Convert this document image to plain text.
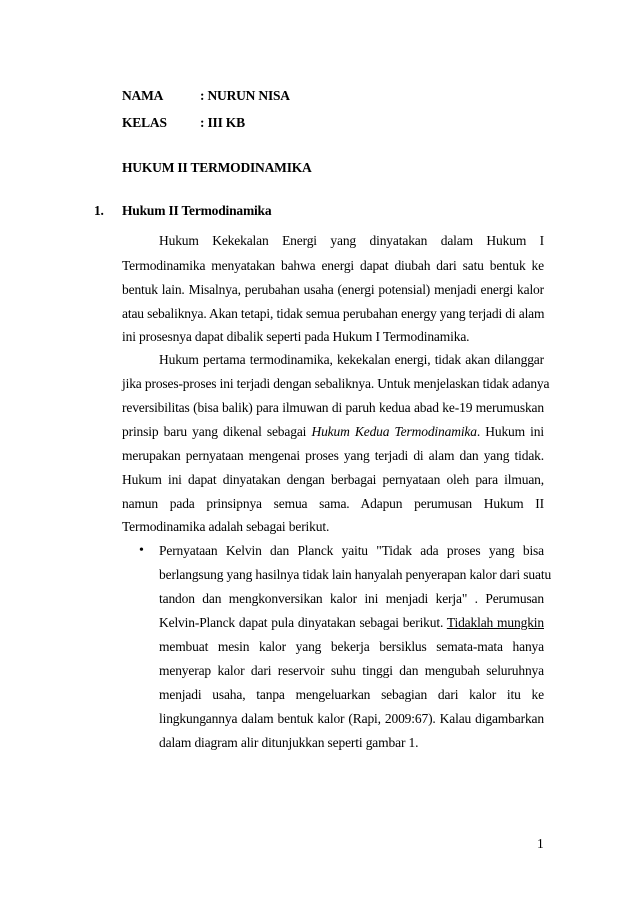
NAMA	: NURUN NISA
KELAS : III KB
HUKUM II TERMODINAMIKA
1. Hukum II Termodinamika
Hukum Kekekalan Energi yang dinyatakan dalam Hukum I
Termodinamika menyatakan bahwa energi dapat diubah dari satu bentuk ke
bentuk lain. Misalnya, perubahan usaha (energi potensial) menjadi energi kalor
atau sebaliknya. Akan tetapi, tidak semua perubahan energy yang terjadi di alam
ini prosesnya dapat dibalik seperti pada Hukum I Termodinamika.
Hukum pertama termodinamika, kekekalan energi, tidak akan dilanggar
jika proses-proses ini terjadi dengan sebaliknya. Untuk menjelaskan tidak adanya
reversibilitas (bisa balik) para ilmuwan di paruh kedua abad ke-19 merumuskan
prinsip baru yang dikenal sebagai Hukum Kedua Termodinamika. Hukum ini
merupakan pernyataan mengenai proses yang terjadi di alam dan yang tidak.
Hukum ini dapat dinyatakan dengan berbagai pernyataan oleh para ilmuan,
namun pada prinsipnya semua sama. Adapun perumusan Hukum II
Termodinamika adalah sebagai berikut.
• Pernyataan Kelvin dan Planck yaitu "Tidak ada proses yang bisa
berlangsung yang hasilnya tidak lain hanyalah penyerapan kalor dari suatu
tandon dan mengkonversikan kalor ini menjadi kerja" . Perumusan
Kelvin-Planck dapat pula dinyatakan sebagai berikut. Tidaklah mungkin
membuat mesin kalor yang bekerja bersiklus semata-mata hanya
menyerap kalor dari reservoir suhu tinggi dan mengubah seluruhnya
menjadi usaha, tanpa mengeluarkan sebagian dari kalor itu ke
lingkungannya dalam bentuk kalor (Rapi, 2009:67). Kalau digambarkan
dalam diagram alir ditunjukkan seperti gambar 1.
1
